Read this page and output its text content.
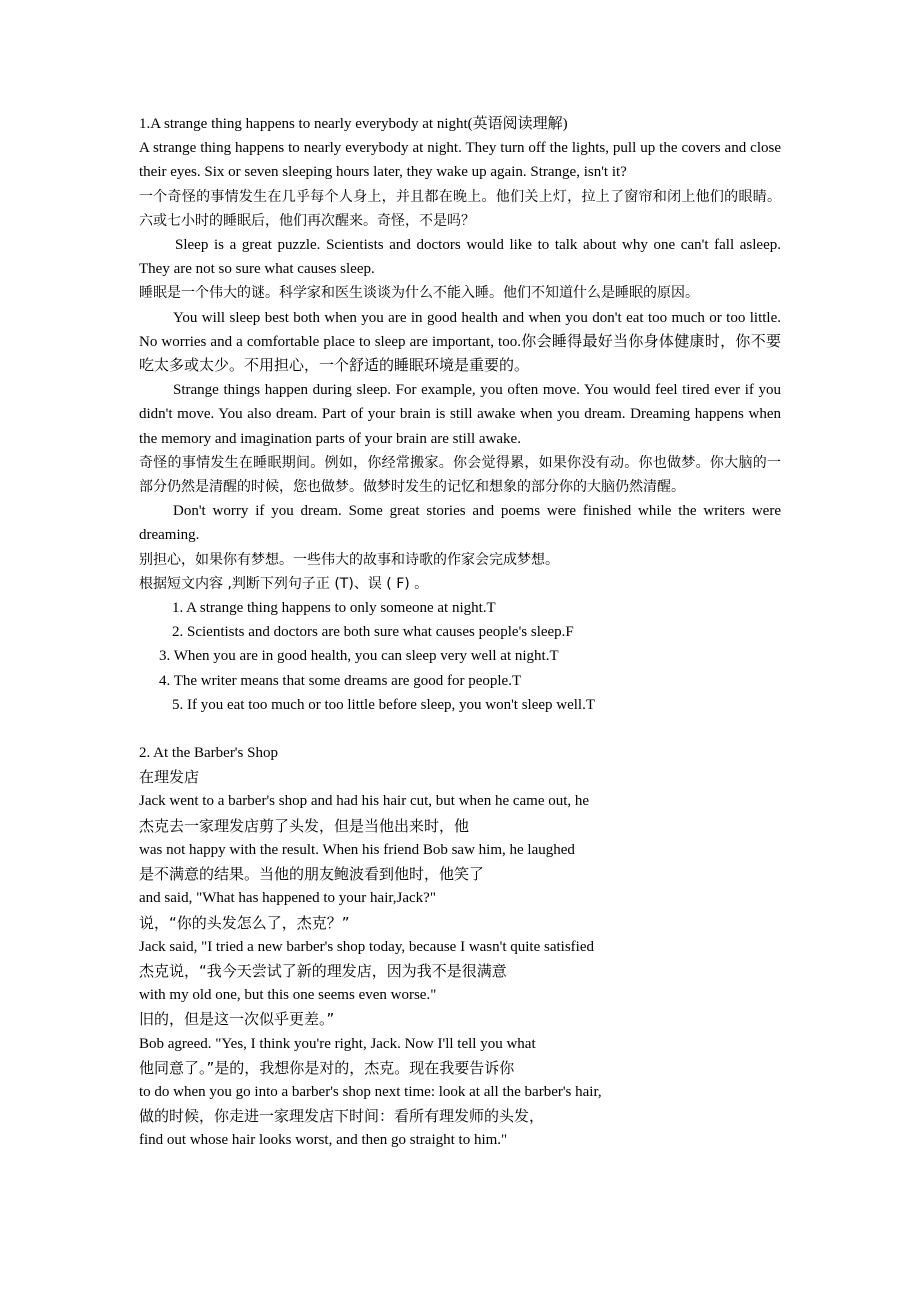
1.A strange thing happens to nearly everybody at night(英语阅读理解)
A strange thing happens to nearly everybody at night. They turn off the lights, pull up the covers and close their eyes. Six or seven sleeping hours later, they wake up again. Strange, isn't it?
一个奇怪的事情发生在几乎每个人身上，并且都在晚上。他们关上灯，拉上了窗帘和闭上他们的眼睛。六或七小时的睡眠后，他们再次醒来。奇怪，不是吗？
Sleep is a great puzzle. Scientists and doctors would like to talk about why one can't fall asleep. They are not so sure what causes sleep.
睡眠是一个伟大的谜。科学家和医生谈谈为什么不能入睡。他们不知道什么是睡眠的原因。
You will sleep best both when you are in good health and when you don't eat too much or too little. No worries and a comfortable place to sleep are important, too.你会睡得最好当你身体健康时，你不要吃太多或太少。不用担心，一个舒适的睡眠环境是重要的。
Strange things happen during sleep. For example, you often move. You would feel tired ever if you didn't move. You also dream. Part of your brain is still awake when you dream. Dreaming happens when the memory and imagination parts of your brain are still awake.
奇怪的事情发生在睡眠期间。例如，你经常搬家。你会觉得累，如果你没有动。你也做梦。你大脑的一部分仍然是清醒的时候，您也做梦。做梦时发生的记忆和想象的部分你的大脑仍然清醒。
Don't worry if you dream. Some great stories and poems were finished while the writers were dreaming.
别担心，如果你有梦想。一些伟大的故事和诗歌的作家会完成梦想。
根据短文内容 ,判断下列句子正 (T)、误 ( F) 。
1. A strange thing happens to only someone at night.T
2. Scientists and doctors are both sure what causes people's sleep.F
3. When you are in good health, you can sleep very well at night.T
4. The writer means that some dreams are good for people.T
5. If you eat too much or too little before sleep, you won't sleep well.T
2. At the Barber's Shop
在理发店
Jack went to a barber's shop and had his hair cut, but when he came out, he
杰克去一家理发店剪了头发，但是当他出来时，他
was not happy with the result. When his friend Bob saw him, he laughed
是不满意的结果。当他的朋友鲍波看到他时，他笑了
and said, "What has happened to your hair,Jack?"
说，“你的头发怎么了，杰克？”
Jack said, "I tried a new barber's shop today, because I wasn't quite satisfied
杰克说，“我今天尝试了新的理发店，因为我不是很满意
with my old one, but this one seems even worse."
旧的，但是这一次似乎更差。”
Bob agreed. "Yes, I think you're right, Jack. Now I'll tell you what
他同意了。”是的，我想你是对的，杰克。现在我要告诉你
to do when you go into a barber's shop next time: look at all the barber's hair,
做的时候，你走进一家理发店下时间：看所有理发师的头发，
find out whose hair looks worst, and then go straight to him."
